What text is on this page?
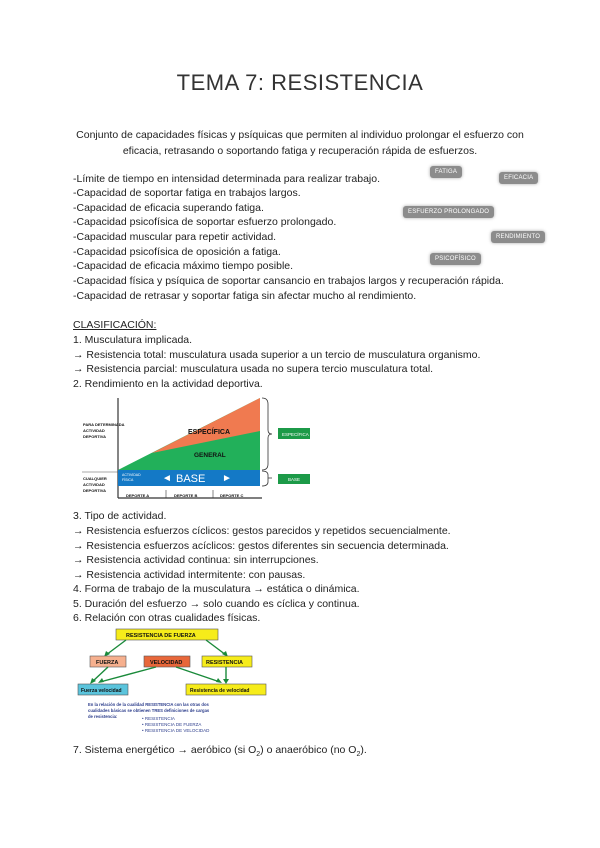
TEMA 7: RESISTENCIA
Conjunto de capacidades físicas y psíquicas que permiten al individuo prolongar el esfuerzo con eficacia, retrasando o soportando fatiga y recuperación rápida de esfuerzos.
-Límite de tiempo en intensidad determinada para realizar trabajo.
-Capacidad de soportar fatiga en trabajos largos.
-Capacidad de eficacia superando fatiga.
-Capacidad psicofísica de soportar esfuerzo prolongado.
-Capacidad muscular para repetir actividad.
-Capacidad psicofísica de oposición a fatiga.
-Capacidad de eficacia máximo tiempo posible.
-Capacidad física y psíquica de soportar cansancio en trabajos largos y recuperación rápida.
-Capacidad de retrasar y soportar fatiga sin afectar mucho al rendimiento.
FATIGA
EFICACIA
ESFUERZO PROLONGADO
RENDIMIENTO
PSICOFÍSICO
CLASIFICACIÓN:
1. Musculatura implicada.
→ Resistencia total: musculatura usada superior a un tercio de musculatura organismo.
→ Resistencia parcial: musculatura usada no supera tercio musculatura total.
2. Rendimiento en la actividad deportiva.
ESPECÍFICA
GENERAL
BASE
◄	►
ACTIVIDAD
FÍSICA
PARA DETERMINADA
ACTIVIDAD
DEPORTIVA
CUALQUIER
ACTIVIDAD
DEPORTIVA
DEPORTE A	DEPORTE B	DEPORTE C
ESPECÍFICA
BASE
3. Tipo de actividad.
→ Resistencia esfuerzos cíclicos: gestos parecidos y repetidos secuencialmente.
→ Resistencia esfuerzos acíclicos: gestos diferentes sin secuencia determinada.
→ Resistencia actividad continua: sin interrupciones.
→ Resistencia actividad intermitente: con pausas.
4. Forma de trabajo de la musculatura → estática o dinámica.
5. Duración del esfuerzo → solo cuando es cíclica y continua.
6. Relación con otras cualidades físicas.
RESISTENCIA DE FUERZA
FUERZA	VELOCIDAD	RESISTENCIA
Fuerza velocidad	Resistencia de velocidad
En la relación de la cualidad RESISTENCIA con las otras dos
cualidades básicas se obtienen TRES definiciones de cargas
de resistencia:	• RESISTENCIA
• RESISTENCIA DE FUERZA
• RESISTENCIA DE VELOCIDAD
7. Sistema energético → aeróbico (si $O_2$) o anaeróbico (no $O_2$).
